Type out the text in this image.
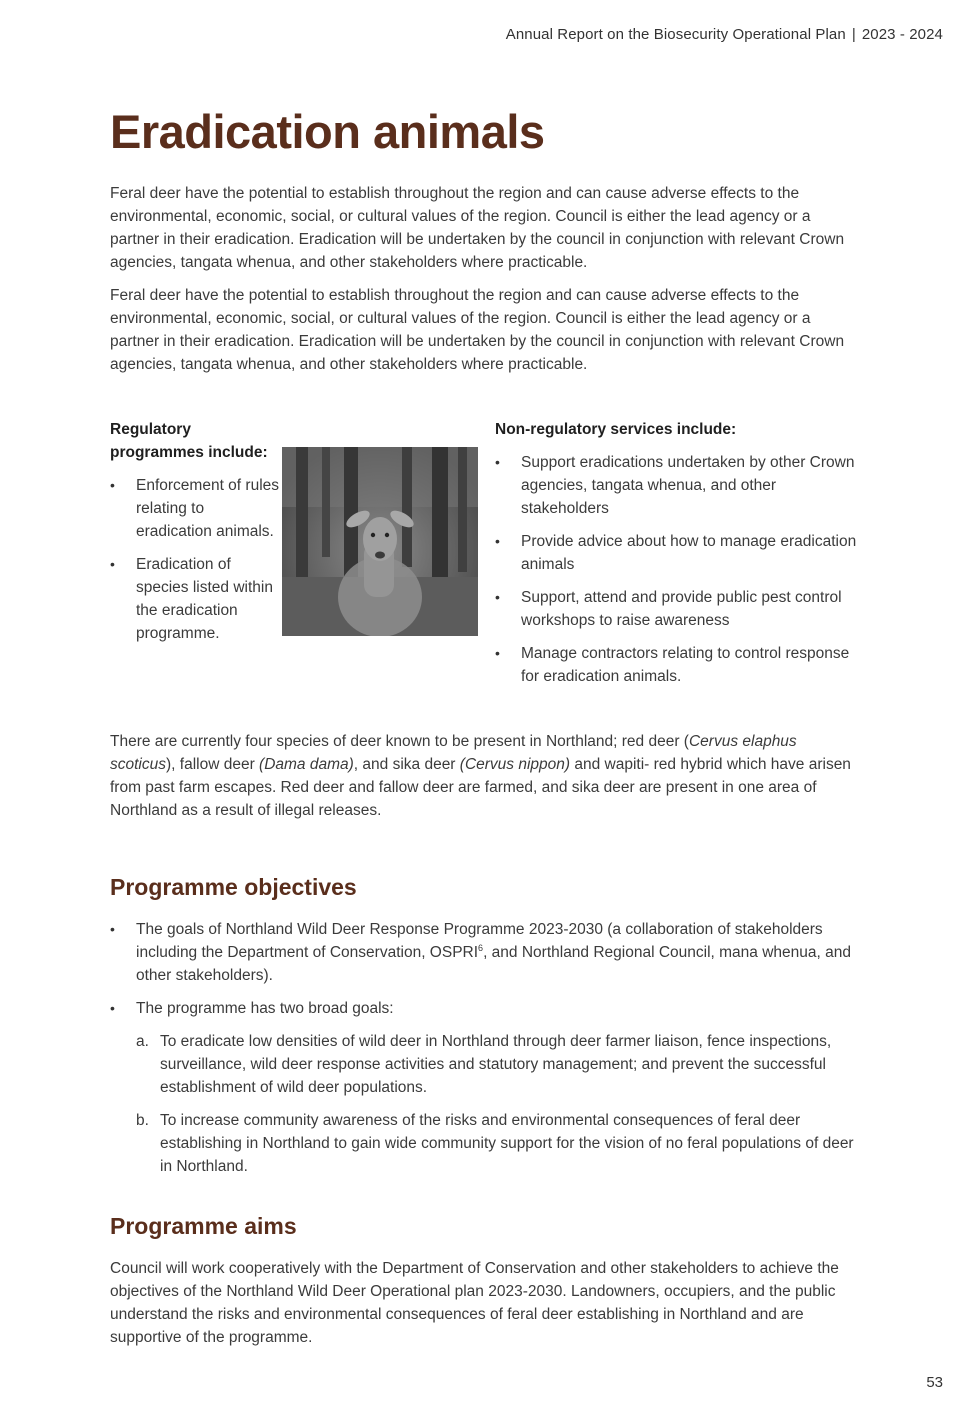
Annual Report on the Biosecurity Operational Plan | 2023 - 2024
Eradication animals

Feral deer have the potential to establish throughout the region and can cause adverse effects to the environmental, economic, social, or cultural values of the region. Council is either the lead agency or a partner in their eradication. Eradication will be undertaken by the council in conjunction with relevant Crown agencies, tangata whenua, and other stakeholders where practicable.

Feral deer have the potential to establish throughout the region and can cause adverse effects to the environmental, economic, social, or cultural values of the region. Council is either the lead agency or a partner in their eradication. Eradication will be undertaken by the council in conjunction with relevant Crown agencies, tangata whenua, and other stakeholders where practicable.

Regulatory programmes include:

• Enforcement of rules relating to eradication animals.
• Eradication of species listed within the eradication programme.

Non-regulatory services include:

• Support eradications undertaken by other Crown agencies, tangata whenua, and other stakeholders
• Provide advice about how to manage eradication animals
• Support, attend and provide public pest control workshops to raise awareness
• Manage contractors relating to control response for eradication animals.

There are currently four species of deer known to be present in Northland; red deer (Cervus elaphus scoticus), fallow deer (Dama dama), and sika deer (Cervus nippon) and wapiti- red hybrid which have arisen from past farm escapes. Red deer and fallow deer are farmed, and sika deer are present in one area of Northland as a result of illegal releases.

Programme objectives
• The goals of Northland Wild Deer Response Programme 2023-2030 (a collaboration of stakeholders including the Department of Conservation, OSPRI$^6$, and Northland Regional Council, mana whenua, and other stakeholders).
• The programme has two broad goals:
a. To eradicate low densities of wild deer in Northland through deer farmer liaison, fence inspections, surveillance, wild deer response activities and statutory management; and prevent the successful establishment of wild deer populations.
b. To increase community awareness of the risks and environmental consequences of feral deer establishing in Northland to gain wide community support for the vision of no feral populations of deer in Northland.
Programme aims

Council will work cooperatively with the Department of Conservation and other stakeholders to achieve the objectives of the Northland Wild Deer Operational plan 2023-2030. Landowners, occupiers, and the public understand the risks and environmental consequences of feral deer establishing in Northland and are supportive of the programme.

53
